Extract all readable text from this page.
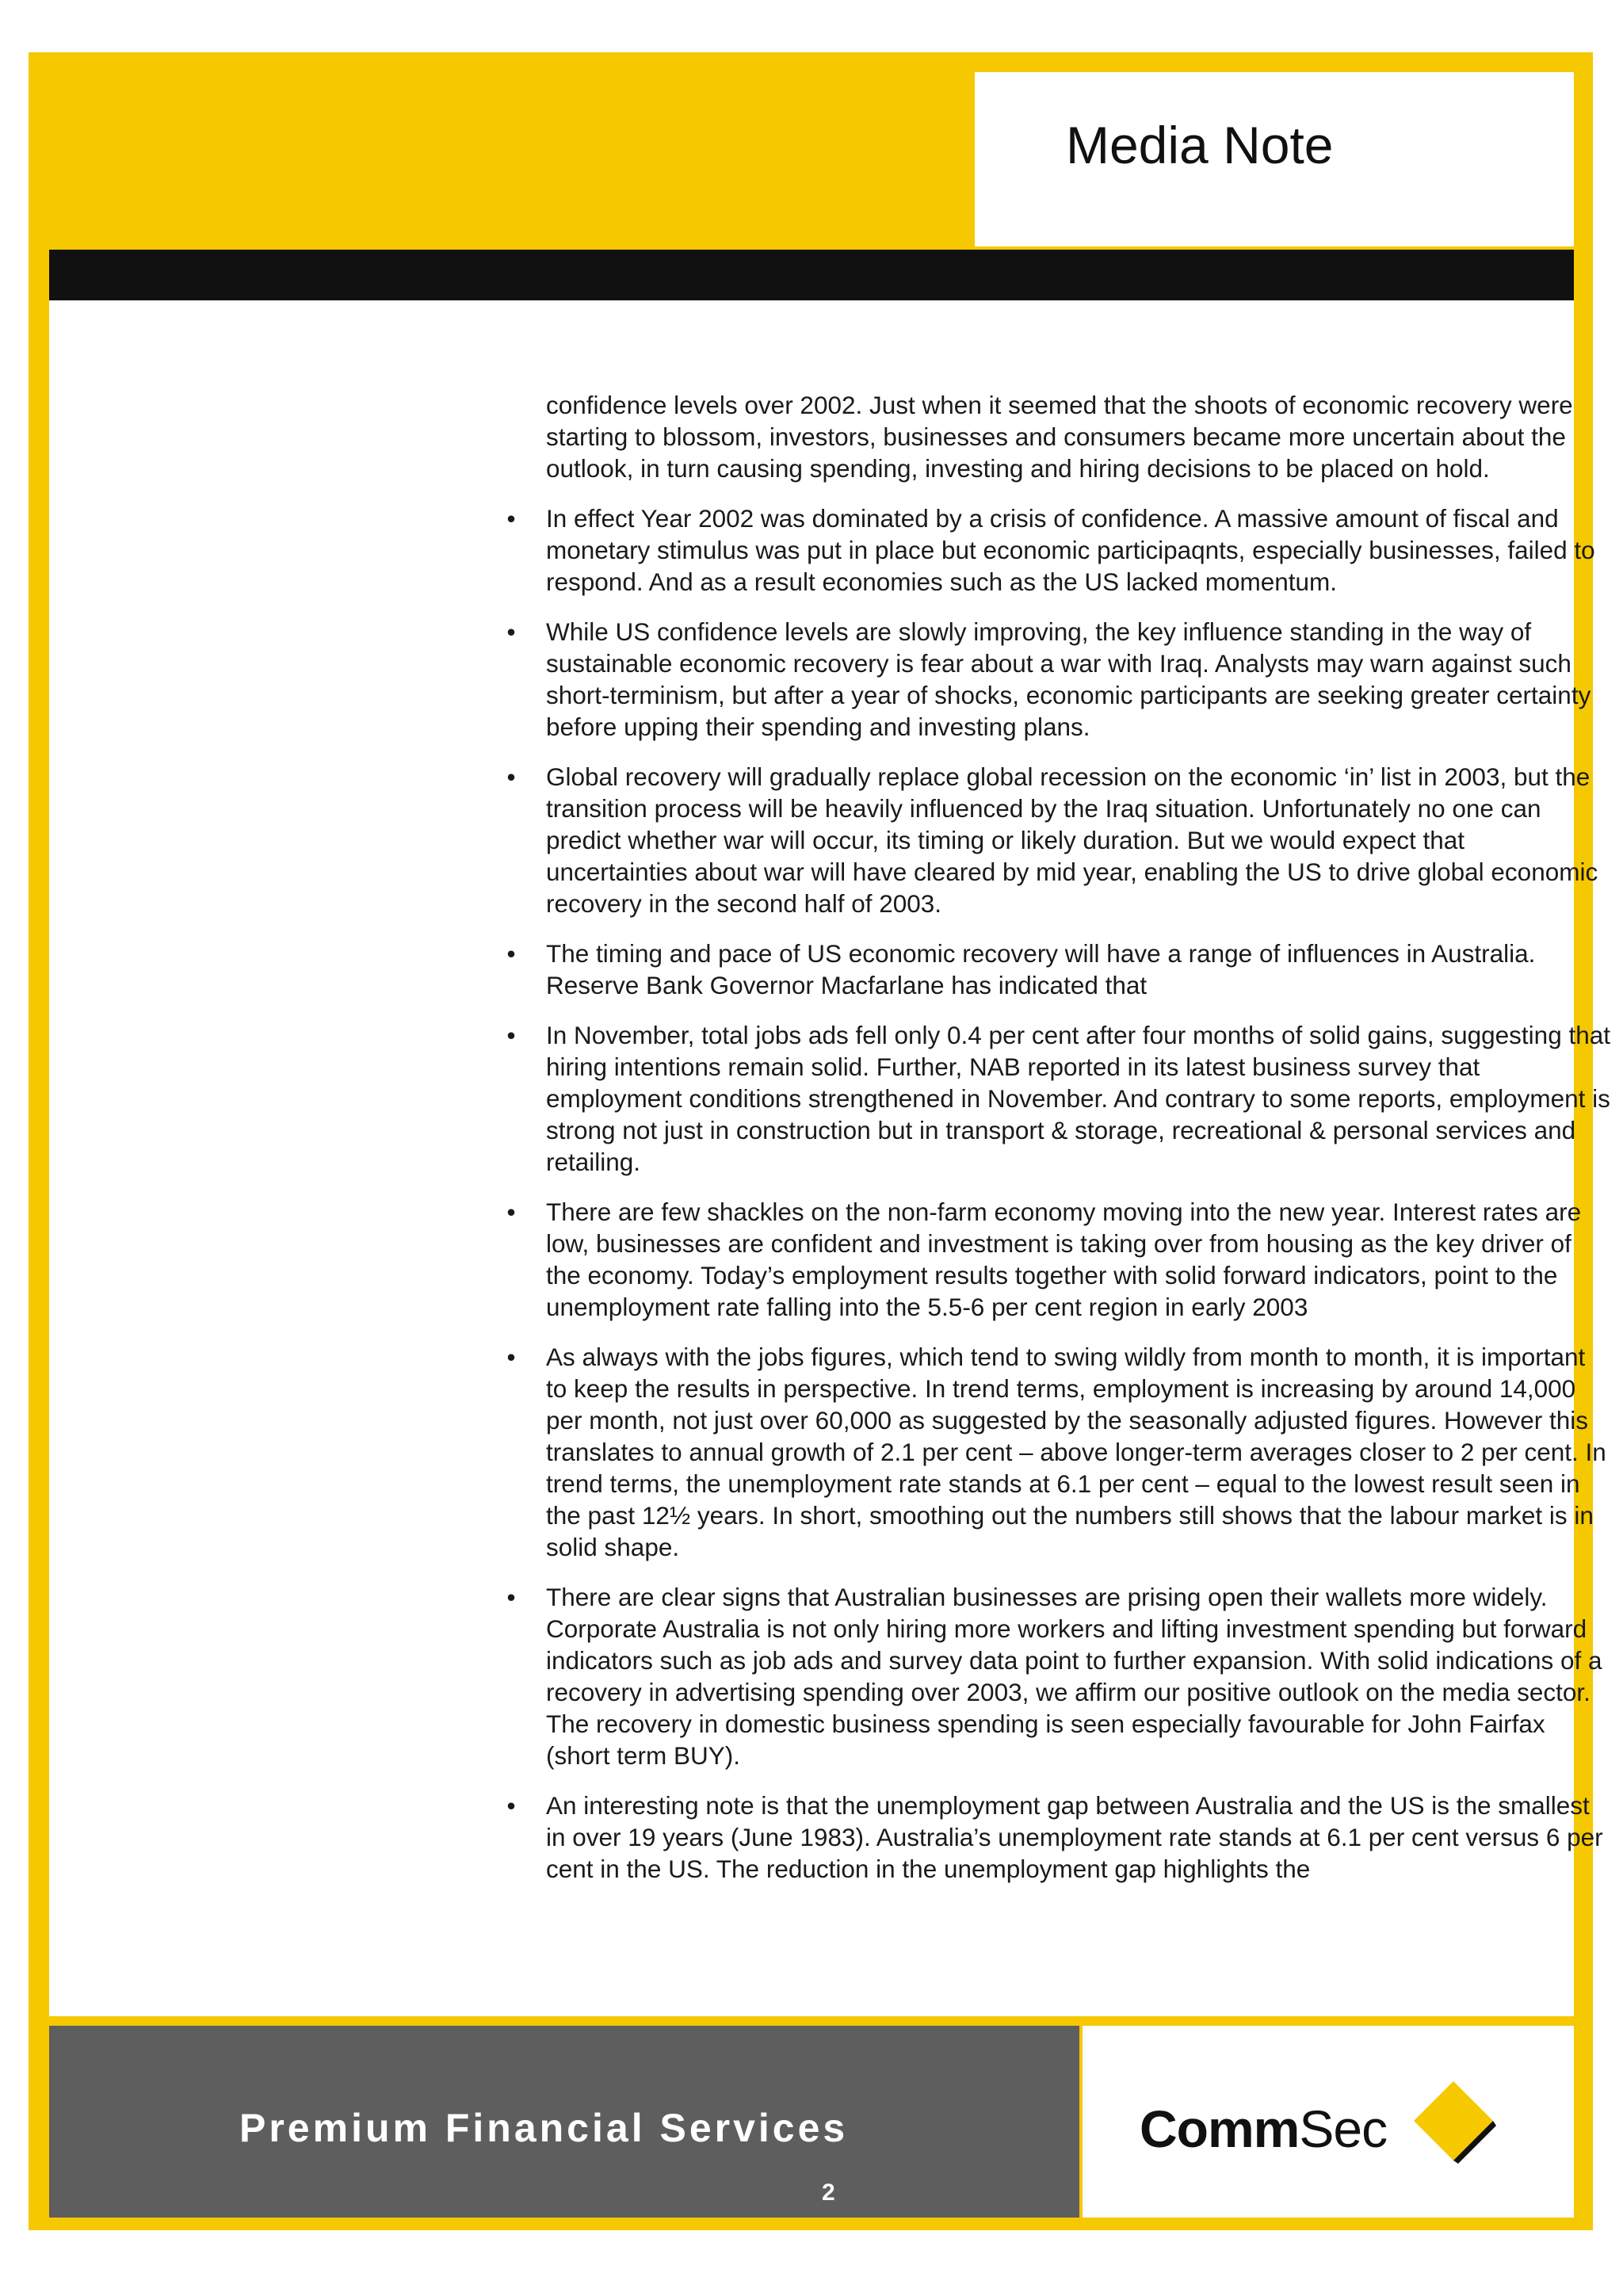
Media Note
confidence levels over 2002. Just when it seemed that the shoots of economic recovery were starting to blossom, investors, businesses and consumers became more uncertain about the outlook, in turn causing spending, investing and hiring decisions to be placed on hold.
• In effect Year 2002 was dominated by a crisis of confidence. A massive amount of fiscal and monetary stimulus was put in place but economic participaqnts, especially businesses, failed to respond. And as a result economies such as the US lacked momentum.
• While US confidence levels are slowly improving, the key influence standing in the way of sustainable economic recovery is fear about a war with Iraq. Analysts may warn against such short-terminism, but after a year of shocks, economic participants are seeking greater certainty before upping their spending and investing plans.
• Global recovery will gradually replace global recession on the economic ‘in’ list in 2003, but the transition process will be heavily influenced by the Iraq situation. Unfortunately no one can predict whether war will occur, its timing or likely duration. But we would expect that uncertainties about war will have cleared by mid year, enabling the US to drive global economic recovery in the second half of 2003.
• The timing and pace of US economic recovery will have a range of influences in Australia. Reserve Bank Governor Macfarlane has indicated that
• In November, total jobs ads fell only 0.4 per cent after four months of solid gains, suggesting that hiring intentions remain solid. Further, NAB reported in its latest business survey that employment conditions strengthened in November. And contrary to some reports, employment is strong not just in construction but in transport & storage, recreational & personal services and retailing.
• There are few shackles on the non-farm economy moving into the new year. Interest rates are low, businesses are confident and investment is taking over from housing as the key driver of the economy. Today’s employment results together with solid forward indicators, point to the unemployment rate falling into the 5.5-6 per cent region in early 2003
• As always with the jobs figures, which tend to swing wildly from month to month, it is important to keep the results in perspective. In trend terms, employment is increasing by around 14,000 per month, not just over 60,000 as suggested by the seasonally adjusted figures. However this translates to annual growth of 2.1 per cent – above longer-term averages closer to 2 per cent. In trend terms, the unemployment rate stands at 6.1 per cent – equal to the lowest result seen in the past 12½ years. In short, smoothing out the numbers still shows that the labour market is in solid shape.
• There are clear signs that Australian businesses are prising open their wallets more widely. Corporate Australia is not only hiring more workers and lifting investment spending but forward indicators such as job ads and survey data point to further expansion. With solid indications of a recovery in advertising spending over 2003, we affirm our positive outlook on the media sector. The recovery in domestic business spending is seen especially favourable for John Fairfax (short term BUY).
• An interesting note is that the unemployment gap between Australia and the US is the smallest in over 19 years (June 1983). Australia’s unemployment rate stands at 6.1 per cent versus 6 per cent in the US. The reduction in the unemployment gap highlights the
Premium Financial Services
2
CommSec
